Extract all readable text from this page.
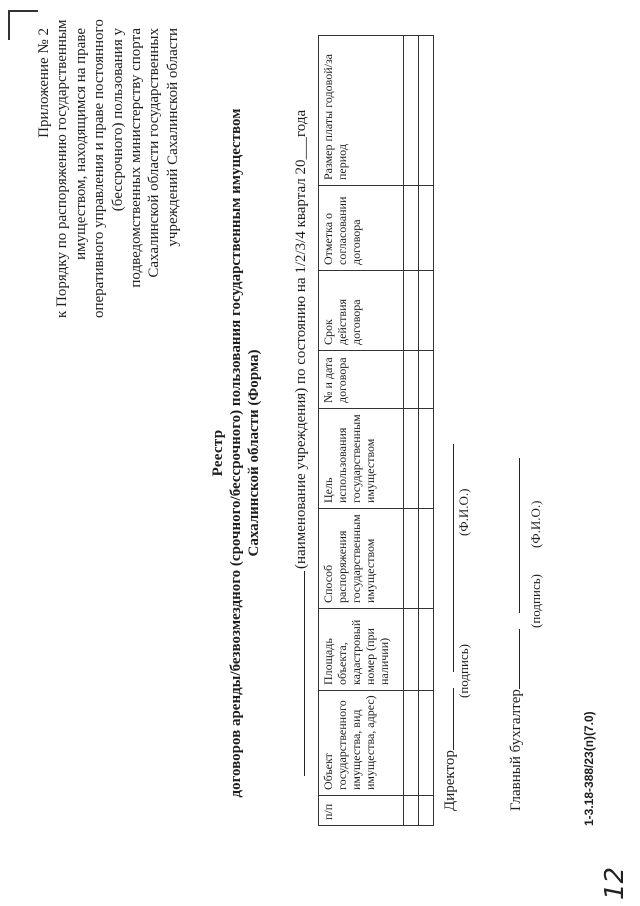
Приложение № 2 к Порядку по распоряжению государственным имуществом, находящимся на праве оперативного управления и праве постоянного (бессрочного) пользования у подведомственных министерству спорта Сахалинской области государственных учреждений Сахалинской области
Реестр договоров аренды/безвозмездного (срочного/бессрочного) пользования государственным имуществом Сахалинской области (Форма) (наименование учреждения) по состоянию на 1/2/3/4 квартал 20___года
п/п	Объект государственного имущества, вид имущества, адрес)	Площадь объекта, кадастровый номер (при наличии)	Способ распоряжения государственным имуществом	Цель использования государственным имуществом	№ и дата договора	Срок действия договора	Отметка о согласовании договора	Размер платы годовой/за период

Директор
(подпись)
(Ф.И.О.)
Главный бухгалтер
(подпись)
(Ф.И.О.)
1-3.18-388/23(п)(7.0)
12
